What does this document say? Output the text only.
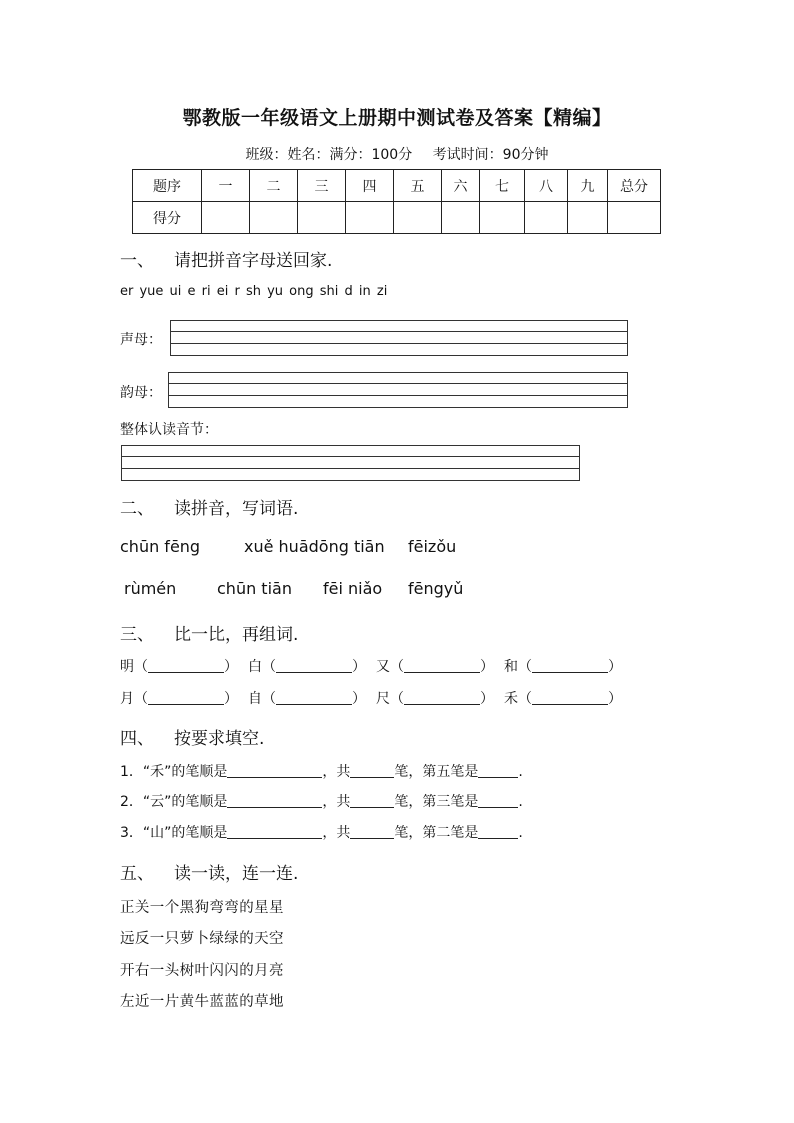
鄂教版一年级语文上册期中测试卷及答案【精编】
班级：姓名：满分：100分 考试时间：90分钟
题序	一	二	三	四	五	六	七	八	九	总分
得分										
一、 请把拼音字母送回家.
er yue ui e ri ei r sh yu ong shi d in zi
声母：
韵母：
整体认读音节：
二、 读拼音，写词语.
chūn fēng	xuě huādōng tiān fēizǒu
rùmén	chūn tiān fēi niǎo fēngyǔ
三、 比一比，再组词.
明（	） 白（	） 又（	） 和（	）
月（	） 自（	） 尺（	） 禾（	）
四、 按要求填空.
1．“禾”的笔顺是	，共	笔，第五笔是	.
2．“云”的笔顺是	，共	笔，第三笔是	.
3．“山”的笔顺是	，共	笔，第二笔是	.
五、 读一读，连一连.
正关一个黑狗弯弯的星星
远反一只萝卜绿绿的天空
开右一头树叶闪闪的月亮
左近一片黄牛蓝蓝的草地
